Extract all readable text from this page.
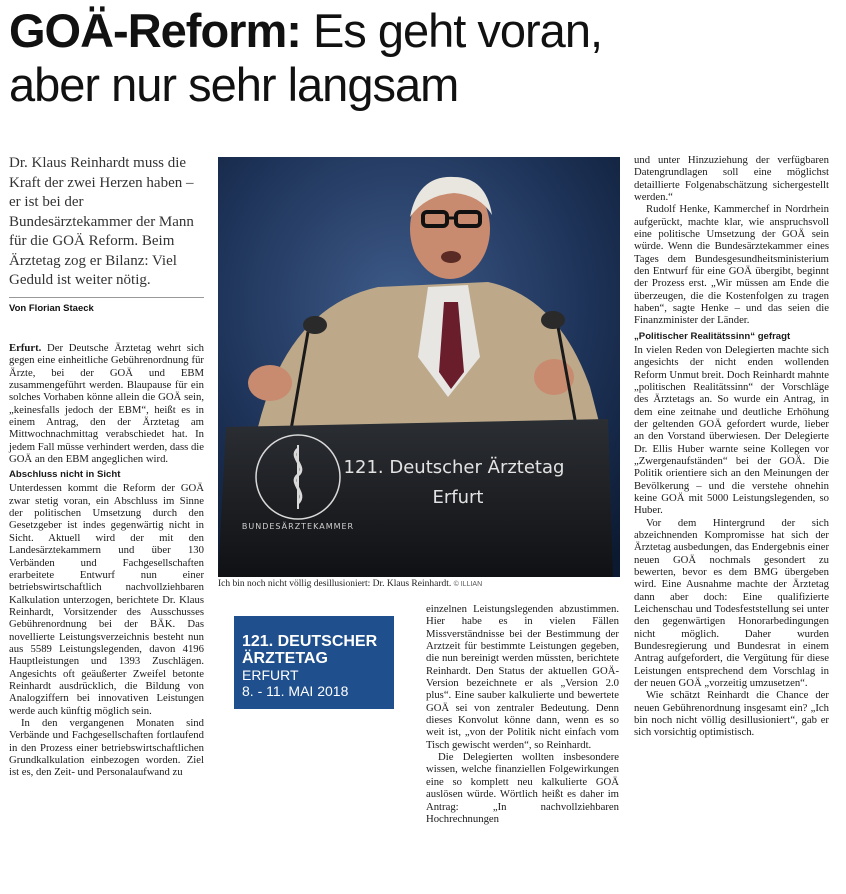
GOÄ-Reform: Es geht voran,
aber nur sehr langsam
Dr. Klaus Reinhardt muss die Kraft der zwei Herzen haben – er ist bei der Bundesärztekammer der Mann für die GOÄ Reform. Beim Ärztetag zog er Bilanz: Viel Geduld ist weiter nötig.
Von Florian Staeck

Erfurt. Der Deutsche Ärztetag wehrt sich gegen eine einheitliche Gebührenordnung für Ärzte, bei der GOÄ und EBM zusammengeführt werden. Blaupause für ein solches Vorhaben könne allein die GOÄ sein, „keinesfalls jedoch der EBM“, heißt es in einem Antrag, den der Ärztetag am Mittwochnachmittag verabschiedet hat. In jedem Fall müsse verhindert werden, dass die GOÄ an den EBM angeglichen wird.

Abschluss nicht in Sicht

Unterdessen kommt die Reform der GOÄ zwar stetig voran, ein Abschluss im Sinne der politischen Umsetzung durch den Gesetzgeber ist indes gegenwärtig nicht in Sicht. Aktuell wird der mit den Landesärztekammern und über 130 Verbänden und Fachgesellschaften erarbeitete Entwurf nun einer betriebswirtschaftlich nachvollziehbaren Kalkulation unterzogen, berichtete Dr. Klaus Reinhardt, Vorsitzender des Ausschusses Gebührenordnung bei der BÄK. Das novellierte Leistungsverzeichnis besteht nun aus 5589 Leistungslegenden, davon 4196 Hauptleistungen und 1393 Zuschlägen. Angesichts oft geäußerter Zweifel betonte Reinhardt ausdrücklich, die Bildung von Analogziffern bei innovativen Leistungen werde auch künftig möglich sein.

In den vergangenen Monaten sind Verbände und Fachgesellschaften fortlaufend in den Prozess einer betriebswirtschaftlichen Grundkalkulation einbezogen worden. Ziel ist es, den Zeit- und Personalaufwand zu

BUNDESÄRZTEKAMMER
121. Deutscher Ärztetag
Erfurt
Ich bin noch nicht völlig desillusioniert: Dr. Klaus Reinhardt. © ILLIAN
121. DEUTSCHER
ÄRZTETAG
ERFURT
8. - 11. MAI 2018

einzelnen Leistungslegenden abzustimmen. Hier habe es in vielen Fällen Missverständnisse bei der Bestimmung der Arztzeit für bestimmte Leistungen gegeben, die nun bereinigt werden müssten, berichtete Reinhardt. Den Status der aktuellen GOÄ-Version bezeichnete er als „Version 2.0 plus“. Eine sauber kalkulierte und bewertete GOÄ sei von zentraler Bedeutung. Denn dieses Konvolut könne dann, wenn es so weit ist, „von der Politik nicht einfach vom Tisch gewischt werden“, so Reinhardt.

Die Delegierten wollten insbesondere wissen, welche finanziellen Folgewirkungen eine so komplett neu kalkulierte GOÄ auslösen würde. Wörtlich heißt es daher im Antrag: „In nachvollziehbaren Hochrechnungen

und unter Hinzuziehung der verfügbaren Datengrundlagen soll eine möglichst detaillierte Folgenabschätzung sichergestellt werden.“

Rudolf Henke, Kammerchef in Nordrhein aufgerückt, machte klar, wie anspruchsvoll eine politische Umsetzung der GOÄ sein würde. Wenn die Bundesärztekammer eines Tages dem Bundesgesundheitsministerium den Entwurf für eine GOÄ übergibt, beginnt der Prozess erst. „Wir müssen am Ende die überzeugen, die die Kostenfolgen zu tragen haben“, sagte Henke – und das seien die Finanzminister der Länder.

„Politischer Realitätssinn“ gefragt

In vielen Reden von Delegierten machte sich angesichts der nicht enden wollenden Reform Unmut breit. Doch Reinhardt mahnte „politischen Realitätssinn“ der Vorschläge des Ärztetags an. So wurde ein Antrag, in dem eine zeitnahe und deutliche Erhöhung der geltenden GOÄ gefordert wurde, lieber an den Vorstand überwiesen. Der Delegierte Dr. Ellis Huber warnte seine Kollegen vor „Zwergenaufständen“ bei der GOÄ. Die Politik orientiere sich an den Meinungen der Bevölkerung – und die verstehe ohnehin keine GOÄ mit 5000 Leistungslegenden, so Huber.

Vor dem Hintergrund der sich abzeichnenden Kompromisse hat sich der Ärztetag ausbedungen, das Endergebnis einer neuen GOÄ nochmals gesondert zu bewerten, bevor es dem BMG übergeben wird. Eine Ausnahme machte der Ärztetag dann aber doch: Eine qualifizierte Leichenschau und Todesfeststellung sei unter den gegenwärtigen Honorarbedingungen nicht möglich. Daher wurden Bundesregierung und Bundesrat in einem Antrag aufgefordert, die Vergütung für diese Leistungen entsprechend dem Vorschlag in der neuen GOÄ „vorzeitig umzusetzen“.

Wie schätzt Reinhardt die Chance der neuen Gebührenordnung insgesamt ein? „Ich bin noch nicht völlig desillusioniert“, gab er sich vorsichtig optimistisch.
